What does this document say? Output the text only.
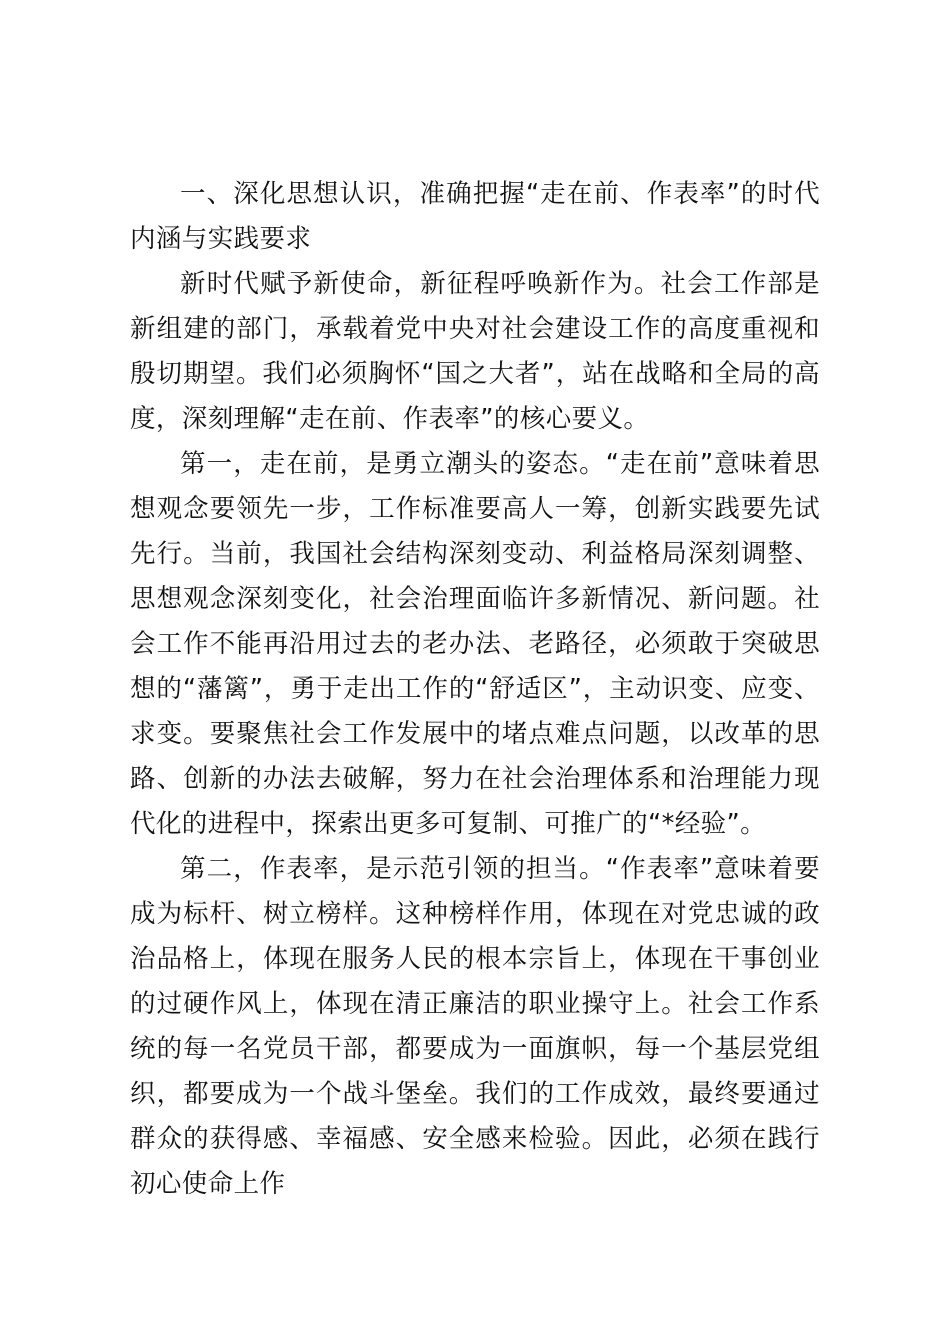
一、深化思想认识，准确把握“走在前、作表率”的时代内涵与实践要求

新时代赋予新使命，新征程呼唤新作为。社会工作部是新组建的部门，承载着党中央对社会建设工作的高度重视和殷切期望。我们必须胸怀“国之大者”，站在战略和全局的高度，深刻理解“走在前、作表率”的核心要义。

第一，走在前，是勇立潮头的姿态。“走在前”意味着思想观念要领先一步，工作标准要高人一筹，创新实践要先试先行。当前，我国社会结构深刻变动、利益格局深刻调整、思想观念深刻变化，社会治理面临许多新情况、新问题。社会工作不能再沿用过去的老办法、老路径，必须敢于突破思想的“藩篱”，勇于走出工作的“舒适区”，主动识变、应变、求变。要聚焦社会工作发展中的堵点难点问题，以改革的思路、创新的办法去破解，努力在社会治理体系和治理能力现代化的进程中，探索出更多可复制、可推广的“*经验”。

第二，作表率，是示范引领的担当。“作表率”意味着要成为标杆、树立榜样。这种榜样作用，体现在对党忠诚的政治品格上，体现在服务人民的根本宗旨上，体现在干事创业的过硬作风上，体现在清正廉洁的职业操守上。社会工作系统的每一名党员干部，都要成为一面旗帜，每一个基层党组织，都要成为一个战斗堡垒。我们的工作成效，最终要通过群众的获得感、幸福感、安全感来检验。因此，必须在践行初心使命上作
